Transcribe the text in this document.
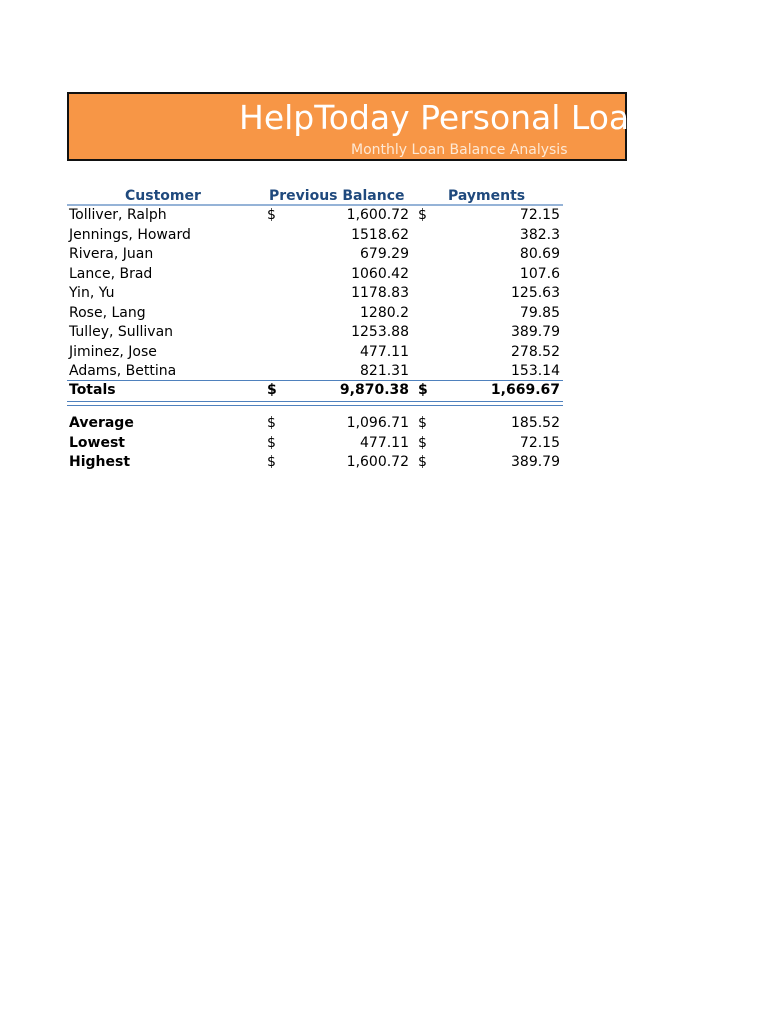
HelpToday Personal Loans
Monthly Loan Balance Analysis
Customer	Previous Balance	Payments
Tolliver, Ralph	$	1,600.72 $	72.15
Jennings, Howard	1518.62	382.3
Rivera, Juan	679.29	80.69
Lance, Brad	1060.42	107.6
Yin, Yu	1178.83	125.63
Rose, Lang	1280.2	79.85
Tulley, Sullivan	1253.88	389.79
Jiminez, Jose	477.11	278.52
Adams, Bettina	821.31	153.14
Totals	$	9,870.38 $	1,669.67
Average	$	1,096.71 $	185.52
Lowest	$	477.11 $	72.15
Highest	$	1,600.72 $	389.79
